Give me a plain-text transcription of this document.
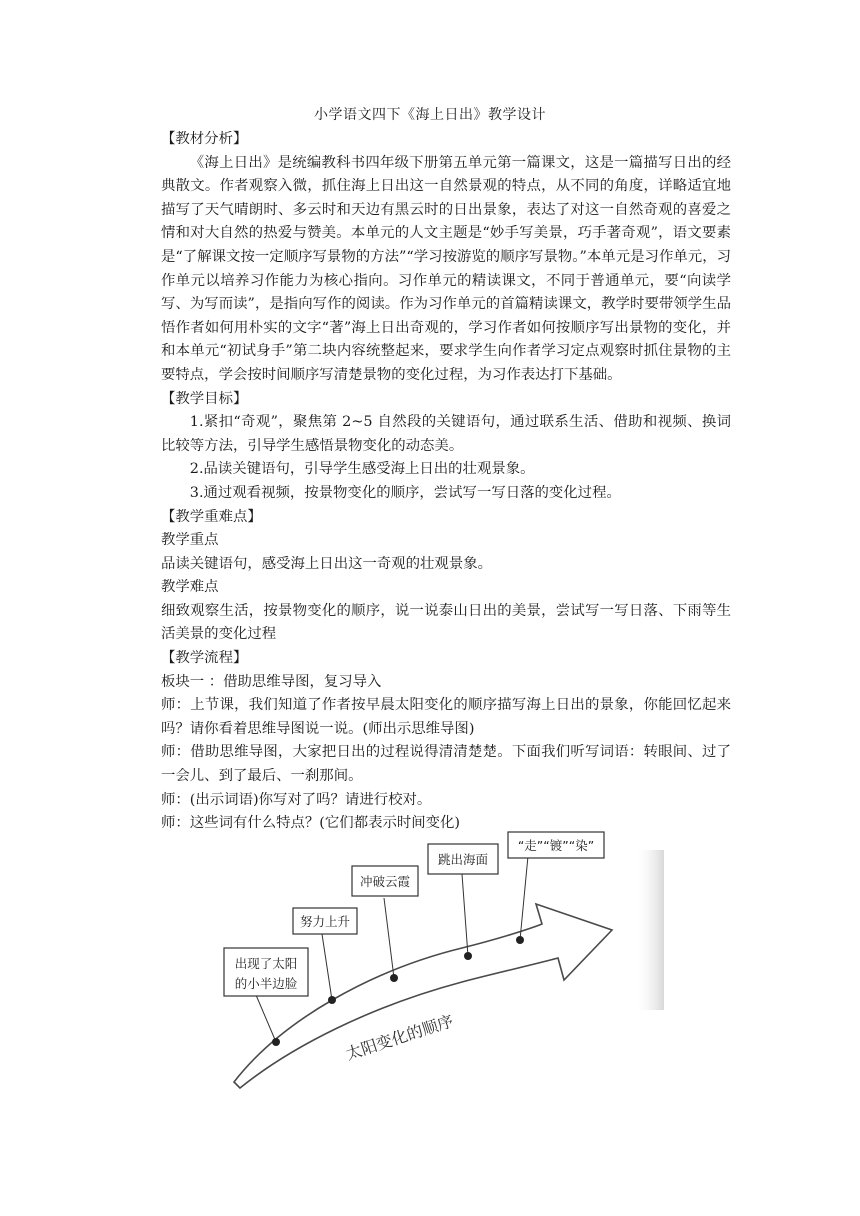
小学语文四下《海上日出》教学设计

【教材分析】

《海上日出》是统编教科书四年级下册第五单元第一篇课文，这是一篇描写日出的经典散文。作者观察入微，抓住海上日出这一自然景观的特点，从不同的角度，详略适宜地描写了天气晴朗时、多云时和天边有黑云时的日出景象，表达了对这一自然奇观的喜爱之情和对大自然的热爱与赞美。本单元的人文主题是“妙手写美景，巧手著奇观”，语文要素是“了解课文按一定顺序写景物的方法”“学习按游览的顺序写景物。”本单元是习作单元，习作单元以培养习作能力为核心指向。习作单元的精读课文，不同于普通单元，要“向读学写、为写而读”，是指向写作的阅读。作为习作单元的首篇精读课文，教学时要带领学生品悟作者如何用朴实的文字“著”海上日出奇观的，学习作者如何按顺序写出景物的变化，并和本单元“初试身手”第二块内容统整起来，要求学生向作者学习定点观察时抓住景物的主要特点，学会按时间顺序写清楚景物的变化过程，为习作表达打下基础。

【教学目标】

1.紧扣“奇观”，聚焦第 2~5 自然段的关键语句，通过联系生活、借助和视频、换词比较等方法，引导学生感悟景物变化的动态美。

2.品读关键语句，引导学生感受海上日出的壮观景象。

3.通过观看视频，按景物变化的顺序，尝试写一写日落的变化过程。

【教学重难点】

教学重点

品读关键语句，感受海上日出这一奇观的壮观景象。

教学难点

细致观察生活，按景物变化的顺序，说一说泰山日出的美景，尝试写一写日落、下雨等生活美景的变化过程

【教学流程】

板块一 ：借助思维导图，复习导入

师：上节课，我们知道了作者按早晨太阳变化的顺序描写海上日出的景象，你能回忆起来吗？请你看着思维导图说一说。(师出示思维导图)

师：借助思维导图，大家把日出的过程说得清清楚楚。下面我们听写词语：转眼间、过了一会儿、到了最后、一刹那间。

师：(出示词语)你写对了吗？请进行校对。

师：这些词有什么特点？(它们都表示时间变化)

太阳变化的顺序
出现了太阳
的小半边脸
努力上升
冲破云霞
跳出海面
“走”“镀”“染”
